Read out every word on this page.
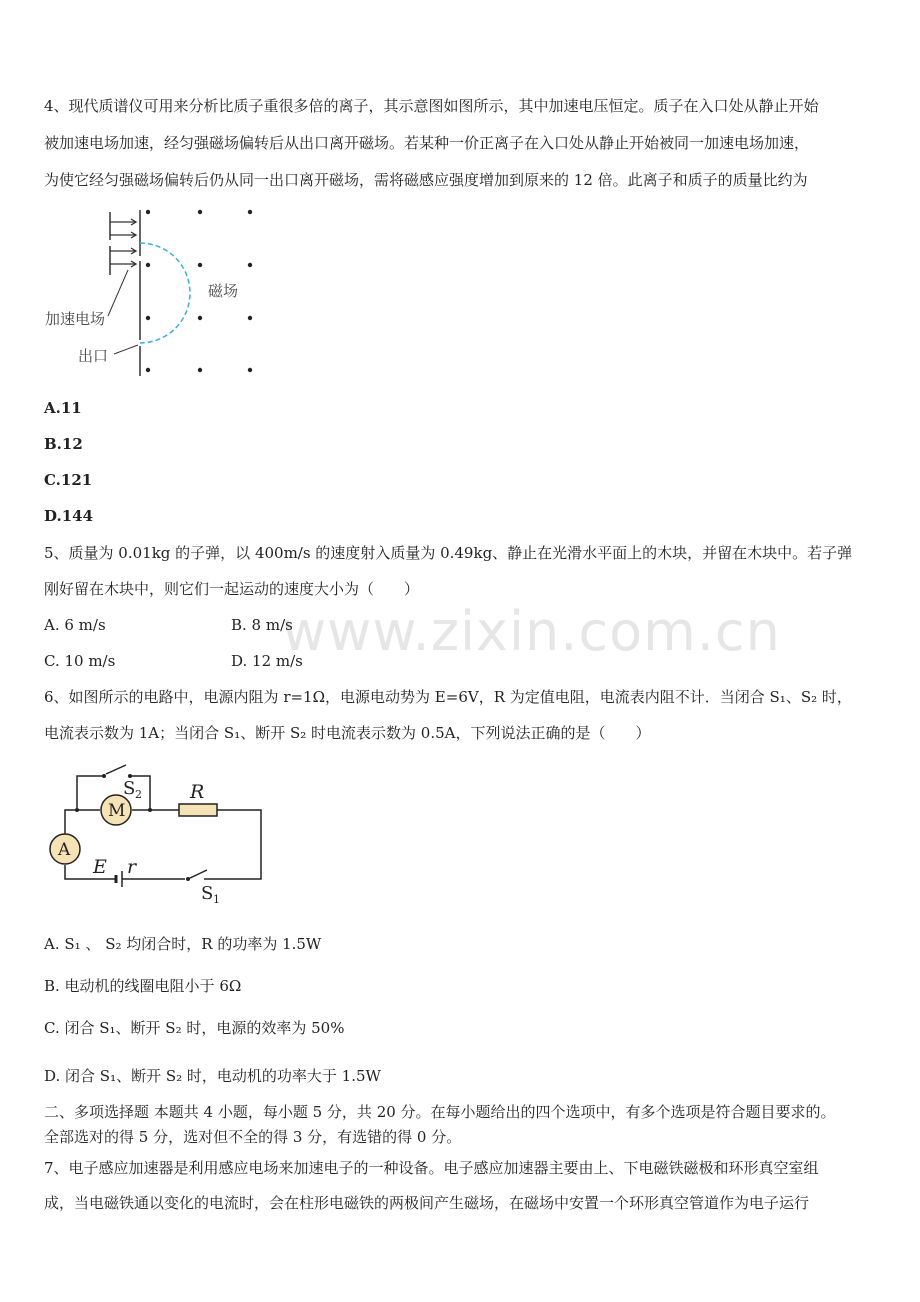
www.zixin.com.cn
4、现代质谱仪可用来分析比质子重很多倍的离子，其示意图如图所示，其中加速电压恒定。质子在入口处从静止开始
被加速电场加速，经匀强磁场偏转后从出口离开磁场。若某种一价正离子在入口处从静止开始被同一加速电场加速，
为使它经匀强磁场偏转后仍从同一出口离开磁场，需将磁感应强度增加到原来的 12 倍。此离子和质子的质量比约为
磁场
加速电场
出口
A.11
B.12
C.121
D.144
5、质量为 0.01kg 的子弹，以 400m/s 的速度射入质量为 0.49kg、静止在光滑水平面上的木块，并留在木块中。若子弹
刚好留在木块中，则它们一起运动的速度大小为（　　）
A. 6 m/s	B. 8 m/s
C. 10 m/s	D. 12 m/s
6、如图所示的电路中，电源内阻为 r=1Ω，电源电动势为 E=6V，R 为定值电阻，电流表内阻不计．当闭合 S₁、S₂ 时，
电流表示数为 1A；当闭合 S₁、断开 S₂ 时电流表示数为 0.5A，下列说法正确的是（　　）
S 2
M
R
A
E r
S 1
A. S₁ 、 S₂ 均闭合时，R 的功率为 1.5W
B. 电动机的线圈电阻小于 6Ω
C. 闭合 S₁、断开 S₂ 时，电源的效率为 50%
D. 闭合 S₁、断开 S₂ 时，电动机的功率大于 1.5W
二、多项选择题 本题共 4 小题，每小题 5 分，共 20 分。在每小题给出的四个选项中，有多个选项是符合题目要求的。
全部选对的得 5 分，选对但不全的得 3 分，有选错的得 0 分。
7、电子感应加速器是利用感应电场来加速电子的一种设备。电子感应加速器主要由上、下电磁铁磁极和环形真空室组
成，当电磁铁通以变化的电流时，会在柱形电磁铁的两极间产生磁场，在磁场中安置一个环形真空管道作为电子运行
